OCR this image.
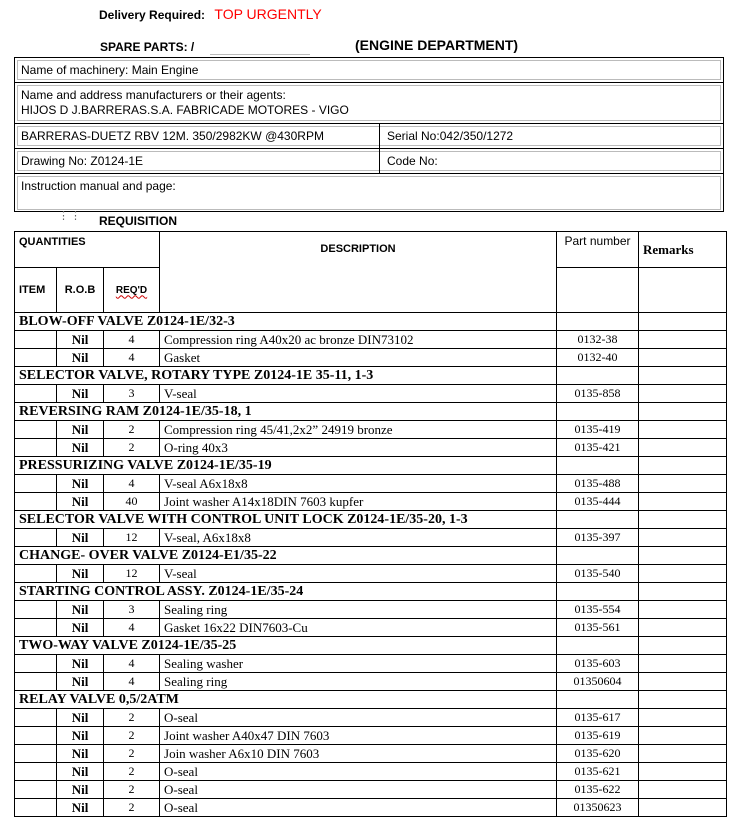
Delivery Required: TOP URGENTLY
SPARE PARTS: /	(ENGINE DEPARTMENT)
Name of machinery: Main Engine
Name and address manufacturers or their agents:
HIJOS D J.BARRERAS.S.A. FABRICADE MOTORES - VIGO
BARRERAS-DUETZ RBV 12M. 350/2982KW @430RPM	Serial No:042/350/1272
Drawing No: Z0124-1E	Code No:
Instruction manual and page:
⋮⋮ REQUISITION
QUANTITIES			DESCRIPTION	Part number	Remarks
ITEM	R.O.B	REQ'D			
BLOW-OFF VALVE Z0124-1E/32-3					
	Nil	4	Compression ring A40x20 ac bronze DIN73102	0132-38	
	Nil	4	Gasket	0132-40	
SELECTOR VALVE, ROTARY TYPE Z0124-1E 35-11, 1-3					
	Nil	3	V-seal	0135-858	
REVERSING RAM Z0124-1E/35-18, 1					
	Nil	2	Compression ring 45/41,2x2” 24919 bronze	0135-419	
	Nil	2	O-ring 40x3	0135-421	
PRESSURIZING VALVE Z0124-1E/35-19					
	Nil	4	V-seal A6x18x8	0135-488	
	Nil	40	Joint washer A14x18DIN 7603 kupfer	0135-444	
SELECTOR VALVE WITH CONTROL UNIT LOCK Z0124-1E/35-20, 1-3					
	Nil	12	V-seal, A6x18x8	0135-397	
CHANGE- OVER VALVE Z0124-E1/35-22					
	Nil	12	V-seal	0135-540	
STARTING CONTROL ASSY. Z0124-1E/35-24					
	Nil	3	Sealing ring	0135-554	
	Nil	4	Gasket 16x22 DIN7603-Cu	0135-561	
TWO-WAY VALVE Z0124-1E/35-25					
	Nil	4	Sealing washer	0135-603	
	Nil	4	Sealing ring	01350604	
RELAY VALVE 0,5/2ATM					
	Nil	2	O-seal	0135-617	
	Nil	2	Joint washer A40x47 DIN 7603	0135-619	
	Nil	2	Join washer A6x10 DIN 7603	0135-620	
	Nil	2	O-seal	0135-621	
	Nil	2	O-seal	0135-622	
	Nil	2	O-seal	01350623	
